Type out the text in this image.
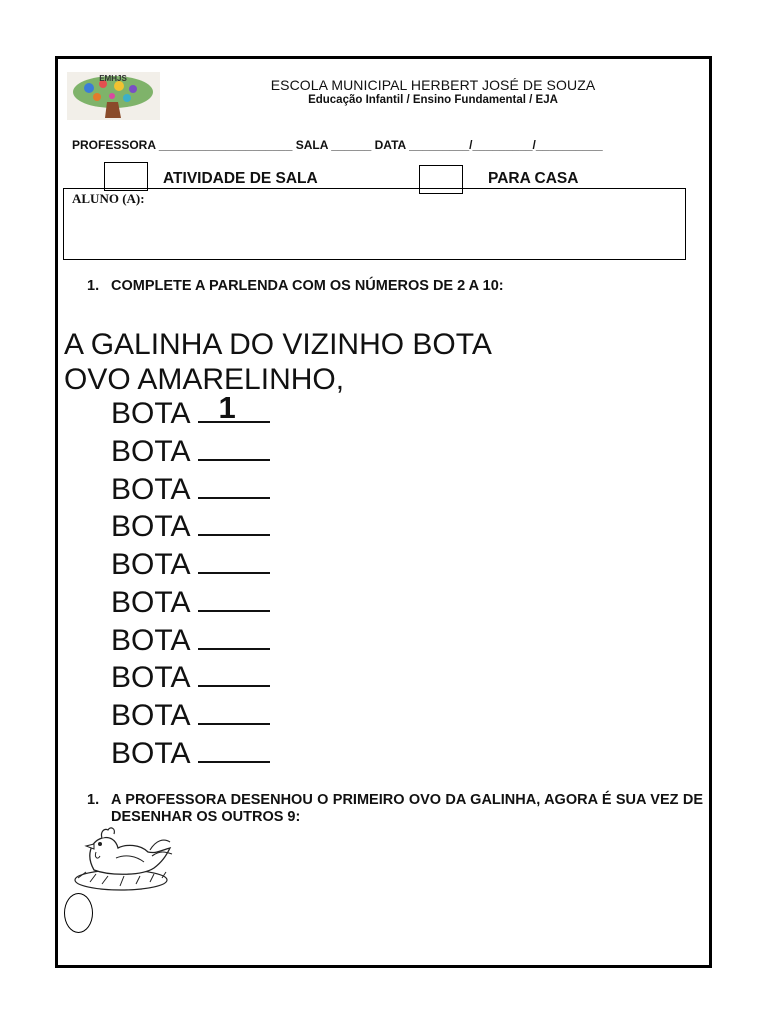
EMHJS	ESCOLA MUNICIPAL HERBERT JOSÉ DE SOUZA
Educação Infantil / Ensino Fundamental / EJA
PROFESSORA ____________________ SALA ______ DATA _________/_________/__________
ATIVIDADE DE SALA	PARA CASA
ALUNO (A):
1. COMPLETE A PARLENDA COM OS NÚMEROS DE 2 A 10:
A GALINHA DO VIZINHO BOTA
OVO AMARELINHO,
BOTA 1
BOTA
BOTA
BOTA
BOTA
BOTA
BOTA
BOTA
BOTA
BOTA
1. A PROFESSORA DESENHOU O PRIMEIRO OVO DA GALINHA, AGORA É SUA VEZ DE DESENHAR OS OUTROS 9:
